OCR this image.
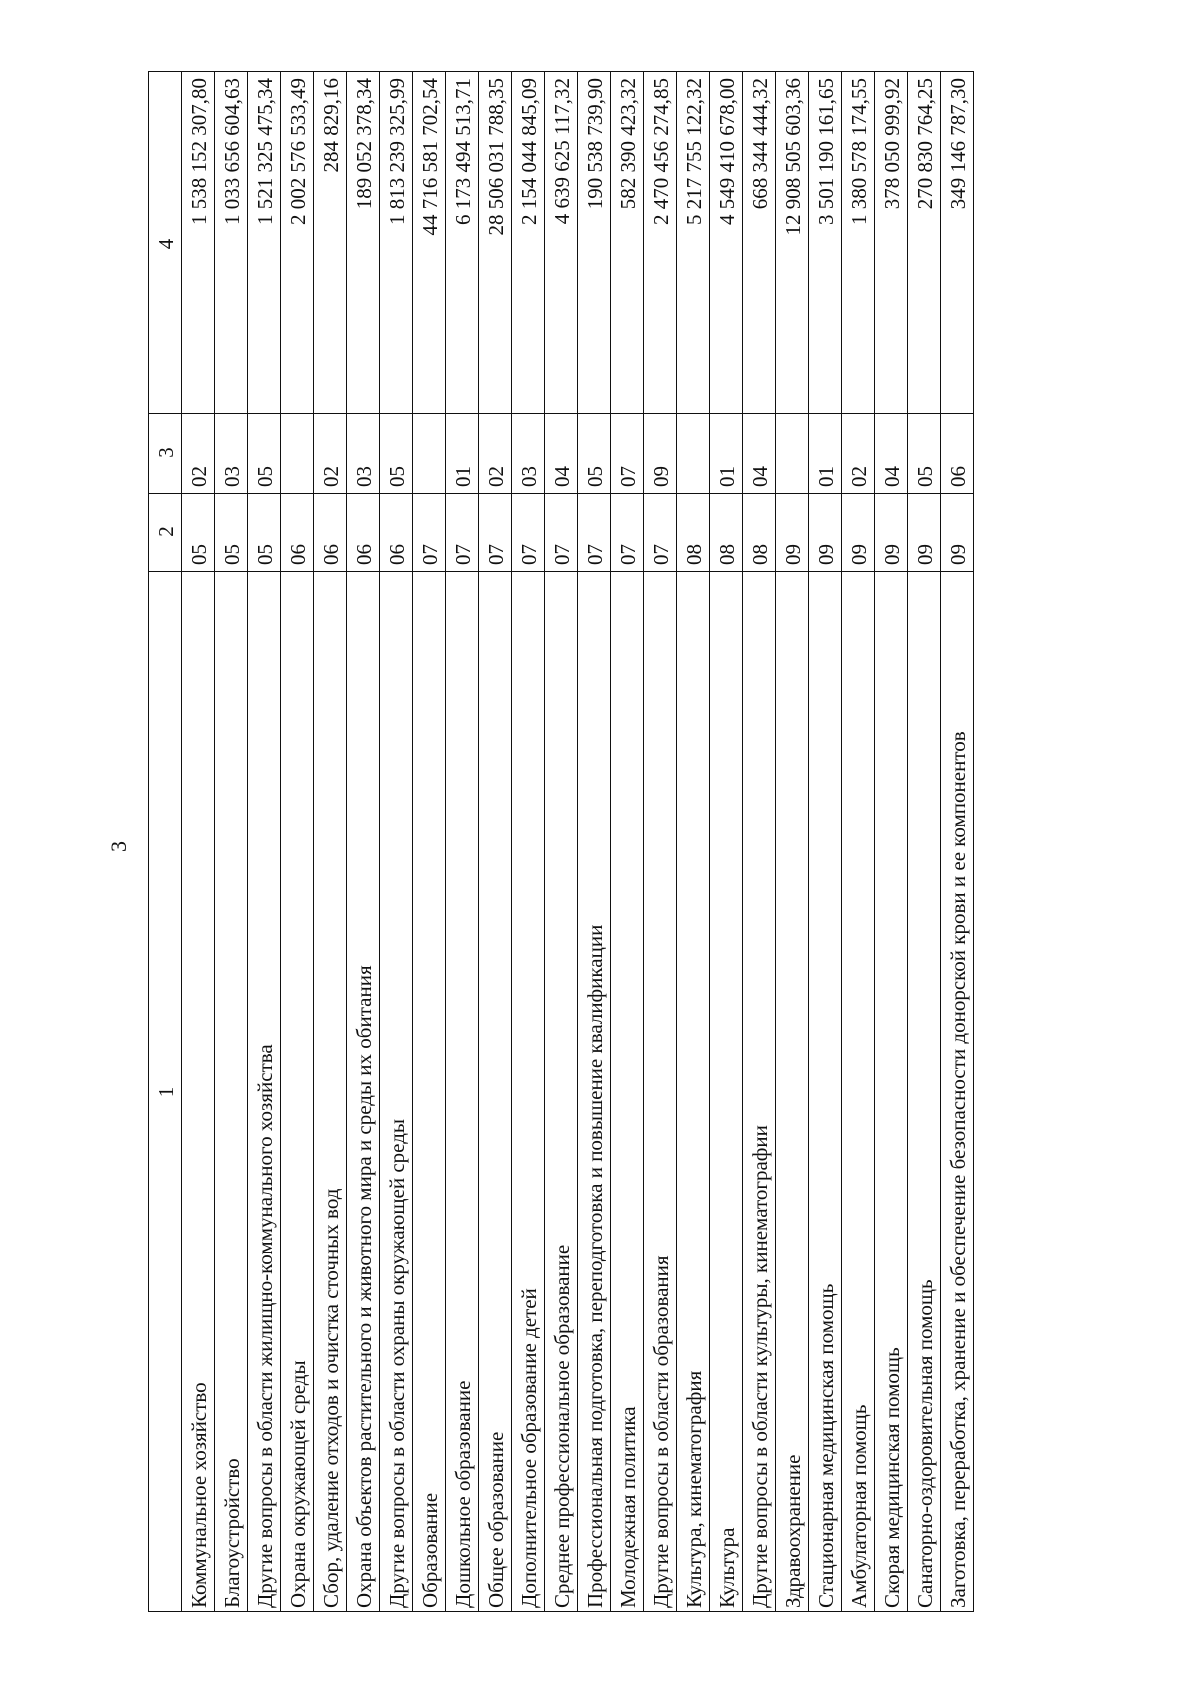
3
1	2	3	4
Коммунальное хозяйство	05	02	1 538 152 307,80
Благоустройство	05	03	1 033 656 604,63
Другие вопросы в области жилищно-коммунального хозяйства	05	05	1 521 325 475,34
Охрана окружающей среды	06		2 002 576 533,49
Сбор, удаление отходов и очистка сточных вод	06	02	284 829,16
Охрана объектов растительного и животного мира и среды их обитания	06	03	189 052 378,34
Другие вопросы в области охраны окружающей среды	06	05	1 813 239 325,99
Образование	07		44 716 581 702,54
Дошкольное образование	07	01	6 173 494 513,71
Общее образование	07	02	28 506 031 788,35
Дополнительное образование детей	07	03	2 154 044 845,09
Среднее профессиональное образование	07	04	4 639 625 117,32
Профессиональная подготовка, переподготовка и повышение квалификации	07	05	190 538 739,90
Молодежная политика	07	07	582 390 423,32
Другие вопросы в области образования	07	09	2 470 456 274,85
Культура, кинематография	08		5 217 755 122,32
Культура	08	01	4 549 410 678,00
Другие вопросы в области культуры, кинематографии	08	04	668 344 444,32
Здравоохранение	09		12 908 505 603,36
Стационарная медицинская помощь	09	01	3 501 190 161,65
Амбулаторная помощь	09	02	1 380 578 174,55
Скорая медицинская помощь	09	04	378 050 999,92
Санаторно-оздоровительная помощь	09	05	270 830 764,25
Заготовка, переработка, хранение и обеспечение безопасности донорской крови и ее компонентов	09	06	349 146 787,30
